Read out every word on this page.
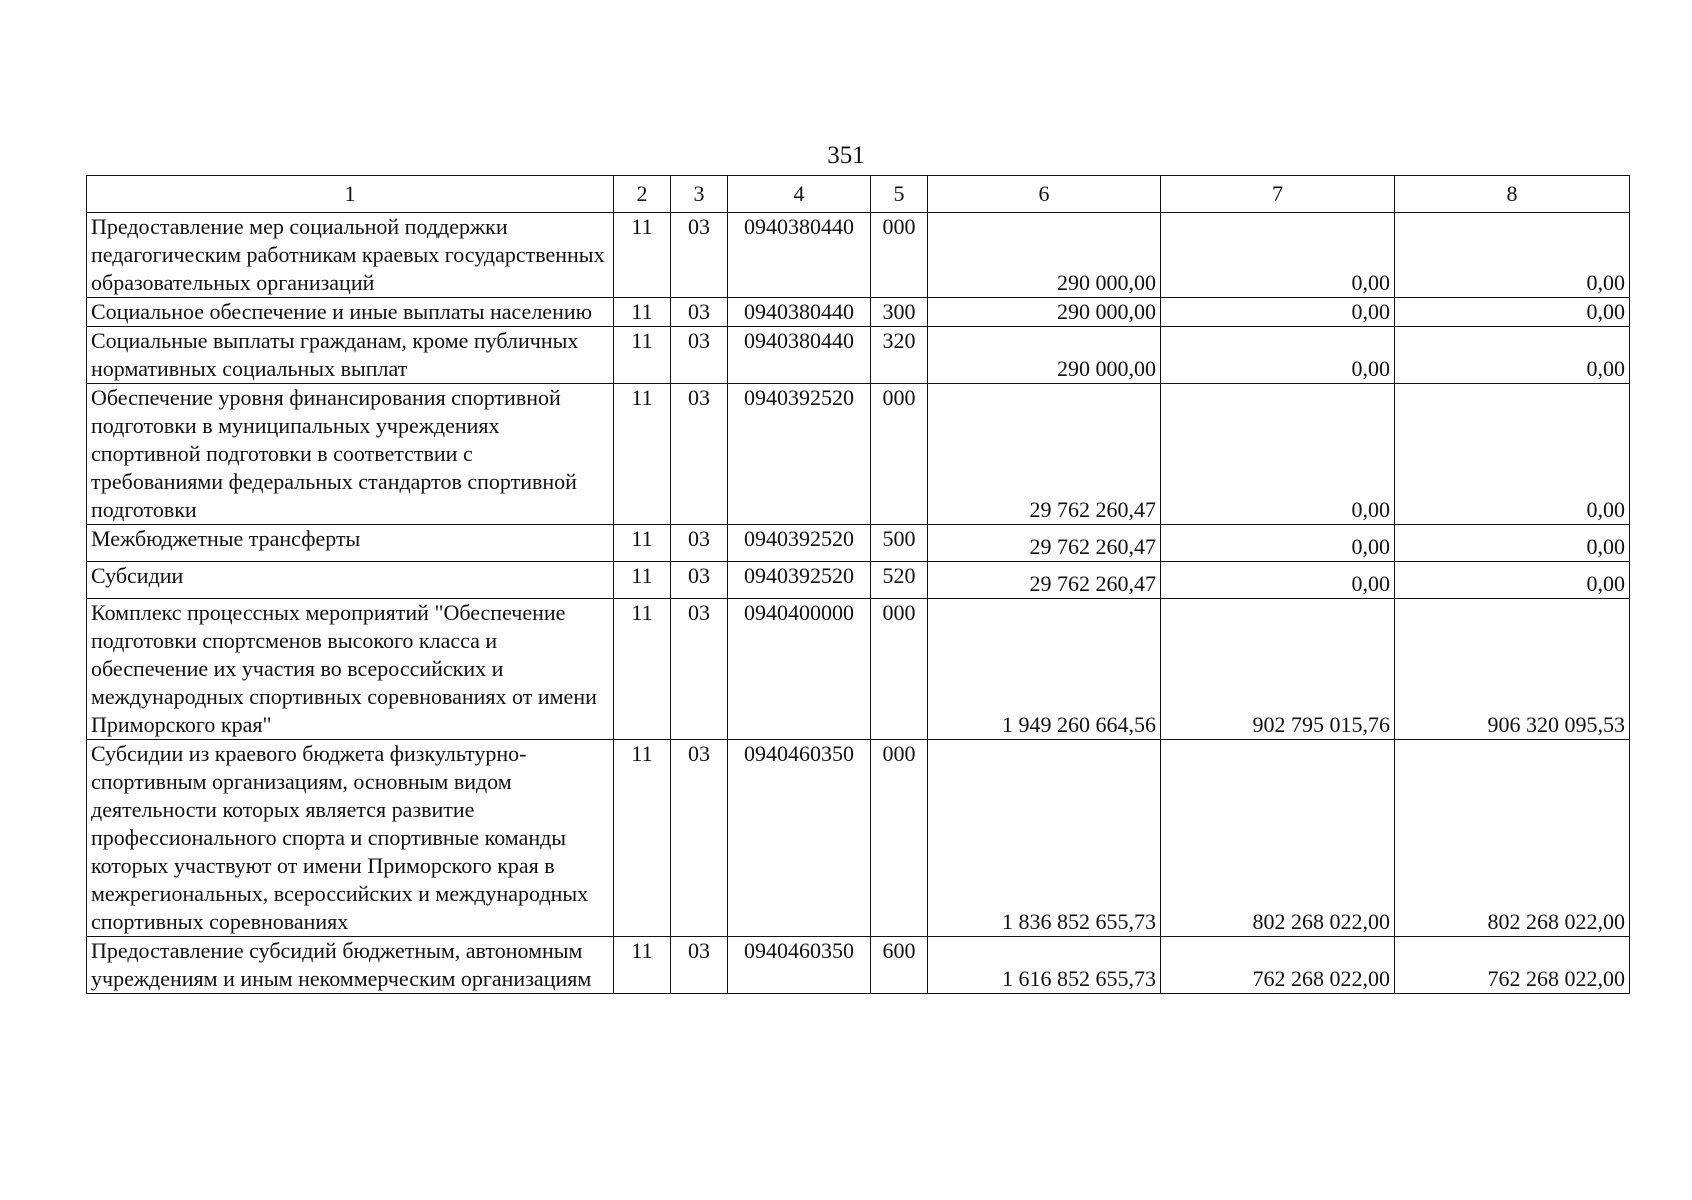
351
1	2	3	4	5	6	7	8
Предоставление мер социальной поддержки педагогическим работникам краевых государственных образовательных организаций	11	03	0940380440	000	290 000,00	0,00	0,00
Социальное обеспечение и иные выплаты населению	11	03	0940380440	300	290 000,00	0,00	0,00
Социальные выплаты гражданам, кроме публичных нормативных социальных выплат	11	03	0940380440	320	290 000,00	0,00	0,00
Обеспечение уровня финансирования спортивной подготовки в муниципальных учреждениях спортивной подготовки в соответствии с требованиями федеральных стандартов спортивной подготовки	11	03	0940392520	000	29 762 260,47	0,00	0,00
Межбюджетные трансферты	11	03	0940392520	500	29 762 260,47	0,00	0,00
Субсидии	11	03	0940392520	520	29 762 260,47	0,00	0,00
Комплекс процессных мероприятий "Обеспечение подготовки спортсменов высокого класса и обеспечение их участия во всероссийских и международных спортивных соревнованиях от имени Приморского края"	11	03	0940400000	000	1 949 260 664,56	902 795 015,76	906 320 095,53
Субсидии из краевого бюджета физкультурно-спортивным организациям, основным видом деятельности которых является развитие профессионального спорта и спортивные команды которых участвуют от имени Приморского края в межрегиональных, всероссийских и международных спортивных соревнованиях	11	03	0940460350	000	1 836 852 655,73	802 268 022,00	802 268 022,00
Предоставление субсидий бюджетным, автономным учреждениям и иным некоммерческим организациям	11	03	0940460350	600	1 616 852 655,73	762 268 022,00	762 268 022,00
